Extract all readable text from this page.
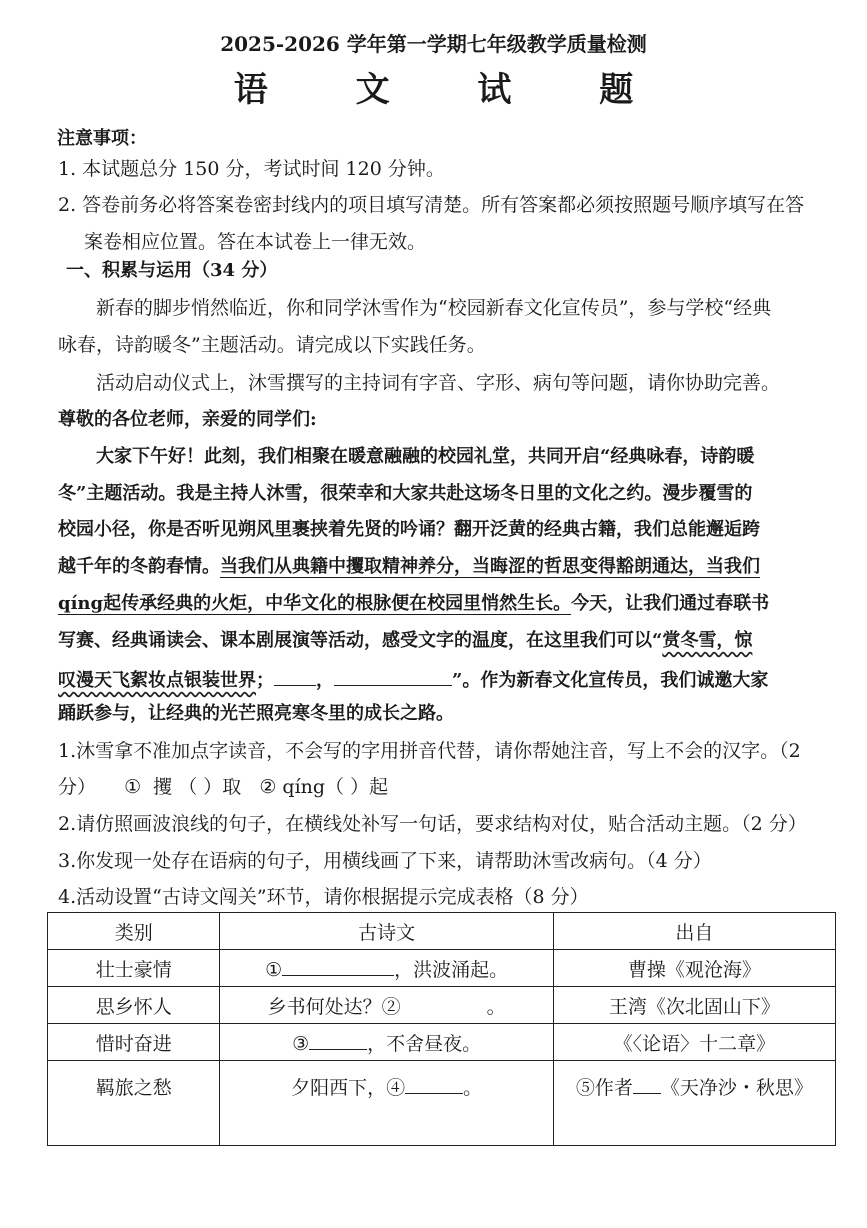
2025-2026 学年第一学期七年级教学质量检测
语 文 试 题
注意事项：
1. 本试题总分 150 分，考试时间 120 分钟。
2. 答卷前务必将答案卷密封线内的项目填写清楚。所有答案都必须按照题号顺序填写在答
案卷相应位置。答在本试卷上一律无效。
一、积累与运用（34 分）
新春的脚步悄然临近，你和同学沐雪作为“校园新春文化宣传员”，参与学校“经典
咏春，诗韵暖冬”主题活动。请完成以下实践任务。
活动启动仪式上，沐雪撰写的主持词有字音、字形、病句等问题，请你协助完善。
尊敬的各位老师，亲爱的同学们:
大家下午好！此刻，我们相聚在暖意融融的校园礼堂，共同开启“经典咏春，诗韵暖
冬”主题活动。我是主持人沐雪，很荣幸和大家共赴这场冬日里的文化之约。漫步覆雪的
校园小径，你是否听见朔风里裹挟着先贤的吟诵？翻开泛黄的经典古籍，我们总能邂逅跨
越千年的冬韵春情。当我们从典籍中攫取精神养分，当晦涩的哲思变得豁朗通达，当我们
qíng起传承经典的火炬，中华文化的根脉便在校园里悄然生长。今天，让我们通过春联书
写赛、经典诵读会、课本剧展演等活动，感受文字的温度，在这里我们可以“赏冬雪，惊
叹漫天飞絮妆点银装世界； ，	”。作为新春文化宣传员，我们诚邀大家
踊跃参与，让经典的光芒照亮寒冬里的成长之路。
1.沐雪拿不准加点字读音，不会写的字用拼音代替，请你帮她注音，写上不会的汉字。（2
分） ① 攫 （ ）取 ② qíng（ ）起
2.请仿照画波浪线的句子，在横线处补写一句话，要求结构对仗，贴合活动主题。（2 分）
3.你发现一处存在语病的句子，用横线画了下来，请帮助沐雪改病句。（4 分）
4.活动设置“古诗文闯关”环节，请你根据提示完成表格（8 分）
类别	古诗文	出自
壮士豪情	① ，洪波涌起。	曹操《观沧海》
思乡怀人	乡书何处达？② 。	王湾《次北固山下》
惜时奋进	③ ，不舍昼夜。	《〈论语〉十二章》
羁旅之愁	夕阳西下，④ 。	⑤作者 《天净沙・秋思》
